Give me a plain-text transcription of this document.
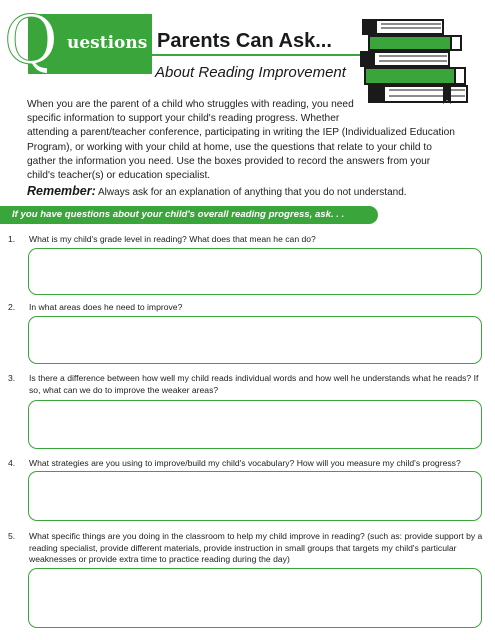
Q uestions Parents Can Ask...
About Reading Improvement

When you are the parent of a child who struggles with reading, you need

specific information to support your child's reading progress. Whether

attending a parent/teacher conference, participating in writing the IEP (Individualized Education

Program), or working with your child at home, use the questions that relate to your child to

gather the information you need. Use the boxes provided to record the answers from your

child's teacher(s) or education specialist.

Remember: Always ask for an explanation of anything that you do not understand.
If you have questions about your child's overall reading progress, ask. . .
1. What is my child's grade level in reading? What does that mean he can do?
2. In what areas does he need to improve?
3. Is there a difference between how well my child reads individual words and how well he understands what he reads? If so, what can we do to improve the weaker areas?
4. What strategies are you using to improve/build my child's vocabulary? How will you measure my child's progress?
5. What specific things are you doing in the classroom to help my child improve in reading? (such as: provide support by a reading specialist, provide different materials, provide instruction in small groups that targets my child's particular weaknesses or provide extra time to practice reading during the day)
